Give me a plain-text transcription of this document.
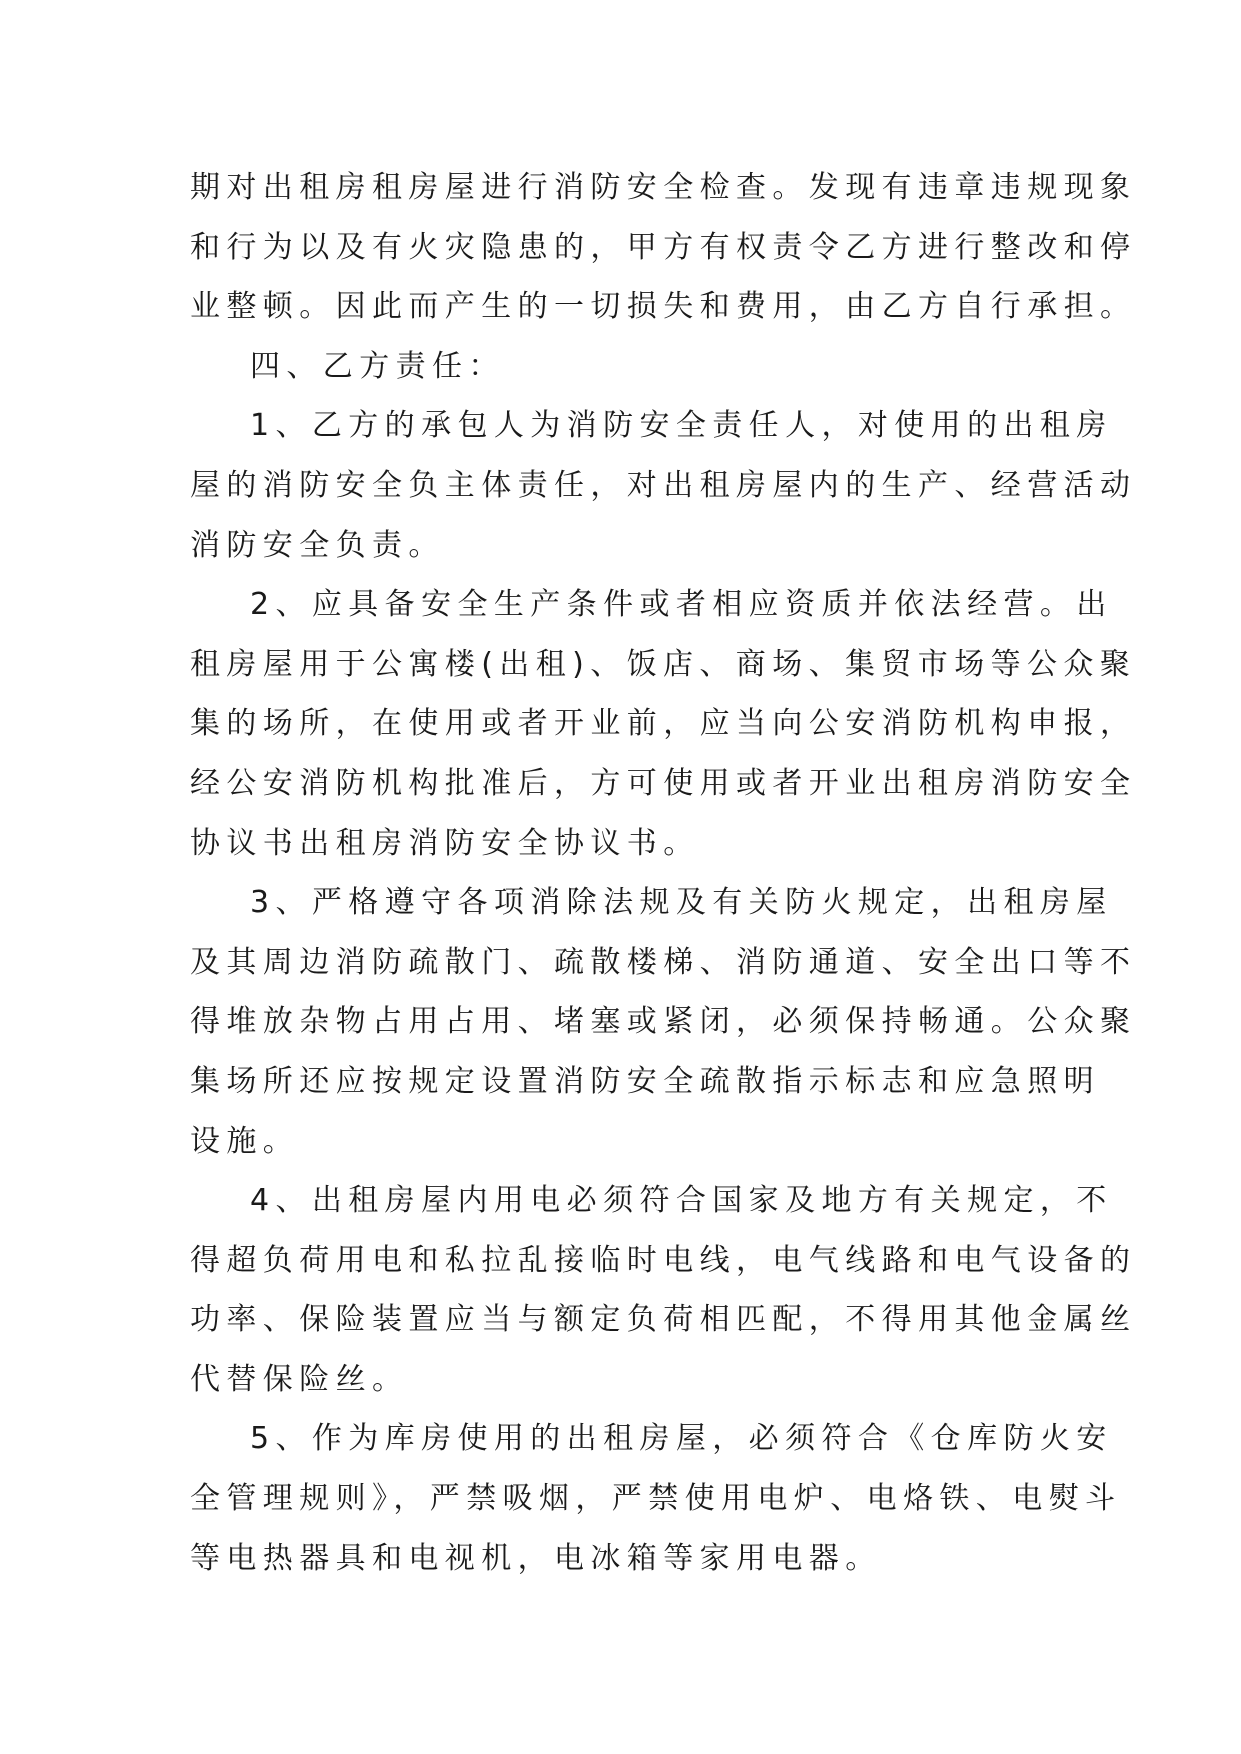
期对出租房租房屋进行消防安全检查。发现有违章违规现象
和行为以及有火灾隐患的，甲方有权责令乙方进行整改和停
业整顿。因此而产生的一切损失和费用，由乙方自行承担。
四、乙方责任：
1、乙方的承包人为消防安全责任人，对使用的出租房
屋的消防安全负主体责任，对出租房屋内的生产、经营活动
消防安全负责。
2、应具备安全生产条件或者相应资质并依法经营。出
租房屋用于公寓楼(出租)、饭店、商场、集贸市场等公众聚
集的场所，在使用或者开业前，应当向公安消防机构申报，
经公安消防机构批准后，方可使用或者开业出租房消防安全
协议书出租房消防安全协议书。
3、严格遵守各项消除法规及有关防火规定，出租房屋
及其周边消防疏散门、疏散楼梯、消防通道、安全出口等不
得堆放杂物占用占用、堵塞或紧闭，必须保持畅通。公众聚
集场所还应按规定设置消防安全疏散指示标志和应急照明
设施。
4、出租房屋内用电必须符合国家及地方有关规定，不
得超负荷用电和私拉乱接临时电线，电气线路和电气设备的
功率、保险装置应当与额定负荷相匹配，不得用其他金属丝
代替保险丝。
5、作为库房使用的出租房屋，必须符合《仓库防火安
全管理规则》，严禁吸烟，严禁使用电炉、电烙铁、电熨斗
等电热器具和电视机，电冰箱等家用电器。
